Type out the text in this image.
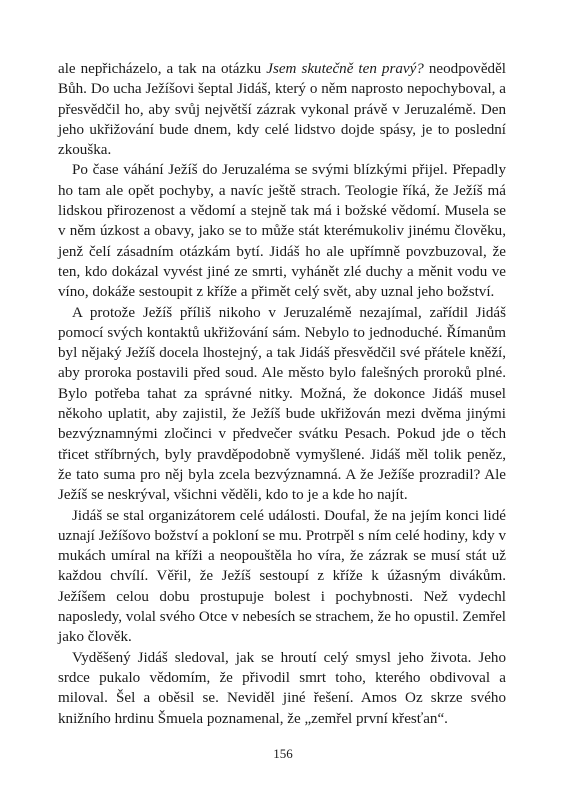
ale nepřicházelo, a tak na otázku Jsem skutečně ten pravý? neodpověděl Bůh. Do ucha Ježíšovi šeptal Jidáš, který o něm naprosto nepochyboval, a přesvědčil ho, aby svůj největší zázrak vykonal právě v Jeruzalémě. Den jeho ukřižování bude dnem, kdy celé lidstvo dojde spásy, je to poslední zkouška.

Po čase váhání Ježíš do Jeruzaléma se svými blízkými přijel. Přepadly ho tam ale opět pochyby, a navíc ještě strach. Teologie říká, že Ježíš má lidskou přirozenost a vědomí a stejně tak má i božské vědomí. Musela se v něm úzkost a obavy, jako se to může stát kterémukoliv jinému člověku, jenž čelí zásadním otázkám bytí. Jidáš ho ale upřímně povzbuzoval, že ten, kdo dokázal vyvést jiné ze smrti, vyhánět zlé duchy a měnit vodu ve víno, dokáže sestoupit z kříže a přimět celý svět, aby uznal jeho božství.

A protože Ježíš příliš nikoho v Jeruzalémě nezajímal, zařídil Jidáš pomocí svých kontaktů ukřižování sám. Nebylo to jednoduché. Římanům byl nějaký Ježíš docela lhostejný, a tak Jidáš přesvědčil své přátele kněží, aby proroka postavili před soud. Ale město bylo falešných proroků plné. Bylo potřeba tahat za správné nitky. Možná, že dokonce Jidáš musel někoho uplatit, aby zajistil, že Ježíš bude ukřižován mezi dvěma jinými bezvýznamnými zločinci v předvečer svátku Pesach. Pokud jde o těch třicet stříbrných, byly pravděpodobně vymyšlené. Jidáš měl tolik peněz, že tato suma pro něj byla zcela bezvýznamná. A že Ježíše prozradil? Ale Ježíš se neskrýval, všichni věděli, kdo to je a kde ho najít.

Jidáš se stal organizátorem celé události. Doufal, že na jejím konci lidé uznají Ježíšovo božství a pokloní se mu. Protrpěl s ním celé hodiny, kdy v mukách umíral na kříži a neopouštěla ho víra, že zázrak se musí stát už každou chvílí. Věřil, že Ježíš sestoupí z kříže k úžasným divákům. Ježíšem celou dobu prostupuje bolest i pochybnosti. Než vydechl naposledy, volal svého Otce v nebesích se strachem, že ho opustil. Zemřel jako člověk.

Vyděšený Jidáš sledoval, jak se hroutí celý smysl jeho života. Jeho srdce pukalo vědomím, že přivodil smrt toho, kterého obdivoval a miloval. Šel a oběsil se. Neviděl jiné řešení. Amos Oz skrze svého knižního hrdinu Šmuela poznamenal, že „zemřel první křesťan“.

156
